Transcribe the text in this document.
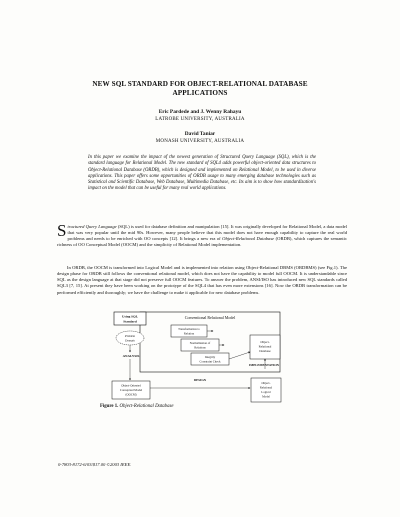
NEW SQL STANDARD FOR OBJECT-RELATIONAL DATABASE
APPLICATIONS
Eric Pardede and J. Wenny Rahayu
LATROBE UNIVERSITY, AUSTRALIA
David Taniar
MONASH UNIVERSITY, AUSTRALIA
In this paper we examine the impact of the newest generation of Structured Query Language (SQL), which is the standard language for Relational Model. The new standard of SQL4 adds powerful object-oriented data structures to Object-Relational Database (ORDB), which is designed and implemented on Relational Model, to be used in diverse applications. This paper offers some opportunities of ORDB usage to many emerging database technologies such as Statistical and Scientific Database, Web Database, Multimedia Database, etc. Its aim is to show how standardization's impact on the model that can be useful for many real world applications.
Structured Query Language (SQL) is used for database definition and manipulation [15]. It was originally developed for Relational Model, a data model that was very popular until the mid 90s. However, many people believe that this model does not have enough capability to capture the real world problems and needs to be enriched with OO concepts [12]. It brings a new era of Object-Relational Database (ORDB), which captures the semantic richness of OO Conceptual Model (OOCM) and the simplicity of Relational Model implementation.
In ORDB, the OOCM is transformed into Logical Model and is implemented into relation using Object-Relational DBMS (ORDBMS) (see Fig.1). The design phase for ORDB still follows the conventional relational model, which does not have the capability to model full OOCM. It is understandable since SQL as the design language at that stage did not preserve full OOCM features. To answer the problem, ANSI/ISO has introduced new SQL standards called SQL3 [7, 15]. At present they have been working on the prototype of the SQL4 that has even more extensions [16]. Now the ORDB transformation can be performed efficiently and thoroughly; we have the challenge to make it applicable for new database problems.
Conventional Relational Model
Using SQL
Standard
Transformation to
Relation
Normalization of
Relations
Integrity
Constraint Check
Problem
Domain
ANALYSIS
Object-
Relational
Database
IMPLEMENTATION
Object-Oriented
Conceptual Model
(OOCM)
DESIGN
Object-
Relational
Logical
Model
Figure 1. Object-Relational Database
0-7803-8172-6/03/$17.00 ©2003 IEEE.
